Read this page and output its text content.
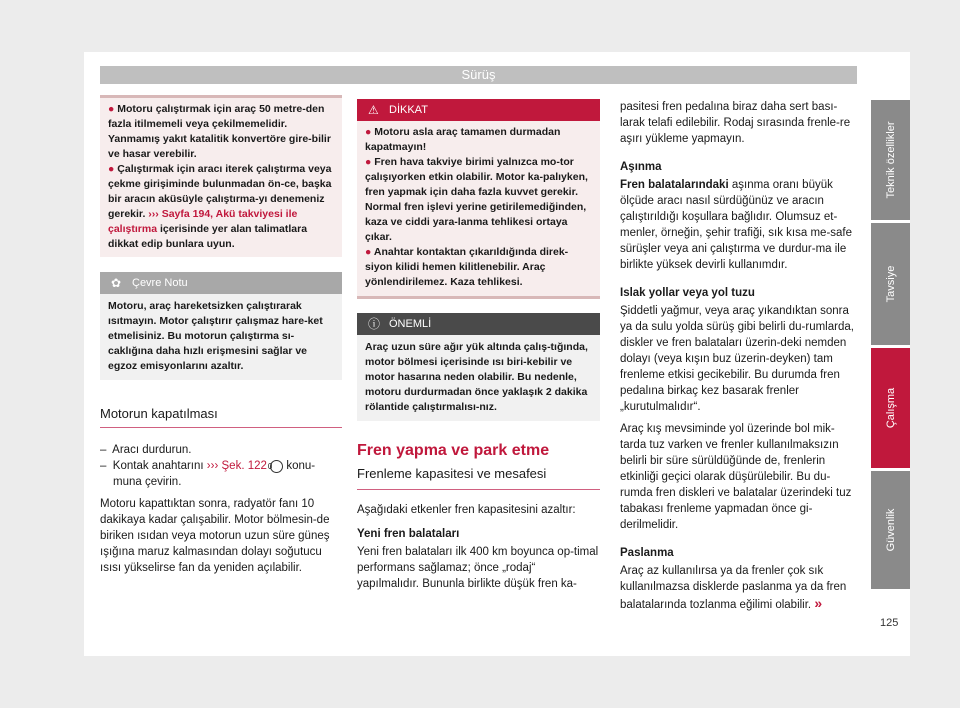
Sürüş

● Motoru çalıştırmak için araç 50 metre-den fazla itilmemeli veya çekilmemelidir. Yanmamış yakıt katalitik konvertöre gire-bilir ve hasar verebilir.

● Çalıştırmak için aracı iterek çalıştırma veya çekme girişiminde bulunmadan ön-ce, başka bir aracın aküsüyle çalıştırma-yı denemeniz gerekir. ››› Sayfa 194, Akü takviyesi ile çalıştırma içerisinde yer alan talimatlara dikkat edip bunlara uyun.

✿ Çevre Notu
Motoru, araç hareketsizken çalıştırarak ısıtmayın. Motor çalıştırır çalışmaz hare-ket etmelisiniz. Bu motorun çalıştırma sı-caklığına daha hızlı erişmesini sağlar ve egzoz emisyonlarını azaltır.
Motorun kapatılması

– Aracı durdurun.

– Kontak anahtarını ››› Şek. 122 0 konu-muna çevirin.

Motoru kapattıktan sonra, radyatör fanı 10 dakikaya kadar çalışabilir. Motor bölmesin-de biriken ısıdan veya motorun uzun süre güneş ışığına maruz kalmasından dolayı soğutucu ısısı yükselirse fan da yeniden açılabilir.

⚠ DİKKAT

● Motoru asla araç tamamen durmadan kapatmayın!

● Fren hava takviye birimi yalnızca mo-tor çalışıyorken etkin olabilir. Motor ka-palıyken, fren yapmak için daha fazla kuvvet gerekir. Normal fren işlevi yerine getirilemediğinden, kaza ve ciddi yara-lanma tehlikesi ortaya çıkar.

● Anahtar kontaktan çıkarıldığında direk-siyon kilidi hemen kilitlenebilir. Araç yönlendirilemez. Kaza tehlikesi.

ⓘ ÖNEMLİ
Araç uzun süre ağır yük altında çalış-tığında, motor bölmesi içerisinde ısı biri-kebilir ve motor hasarına neden olabilir. Bu nedenle, motoru durdurmadan önce yaklaşık 2 dakika rölantide çalıştırmalısı-nız.
Fren yapma ve park etme
Frenleme kapasitesi ve mesafesi

Aşağıdaki etkenler fren kapasitesini azaltır:

Yeni fren balataları

Yeni fren balataları ilk 400 km boyunca op-timal performans sağlamaz; önce „rodaj“ yapılmalıdır. Bununla birlikte düşük fren ka-

pasitesi fren pedalına biraz daha sert bası-larak telafi edilebilir. Rodaj sırasında frenle-re aşırı yükleme yapmayın.

Aşınma

Fren balatalarındaki aşınma oranı büyük ölçüde aracı nasıl sürdüğünüz ve aracın çalıştırıldığı koşullara bağlıdır. Olumsuz et-menler, örneğin, şehir trafiği, sık kısa me-safe sürüşler veya ani çalıştırma ve durdur-ma ile birlikte yüksek devirli kullanımdır.

Islak yollar veya yol tuzu

Şiddetli yağmur, veya araç yıkandıktan sonra ya da sulu yolda sürüş gibi belirli du-rumlarda, diskler ve fren balataları üzerin-deki nemden dolayı (veya kışın buz üzerin-deyken) tam frenleme etkisi gecikebilir. Bu durumda fren pedalına birkaç kez basarak frenler „kurutulmalıdır“.

Araç kış mevsiminde yol üzerinde bol mik-tarda tuz varken ve frenler kullanılmaksızın belirli bir süre sürüldüğünde de, frenlerin etkinliği geçici olarak düşürülebilir. Bu du-rumda fren diskleri ve balatalar üzerindeki tuz tabakası frenleme yapmadan önce gi-derilmelidir.

Paslanma

Araç az kullanılırsa ya da frenler çok sık kullanılmazsa disklerde paslanma ya da fren balatalarında tozlanma eğilimi olabilir. »

Teknik özellikler
Tavsiye
Çalışma
Güvenlik
125
